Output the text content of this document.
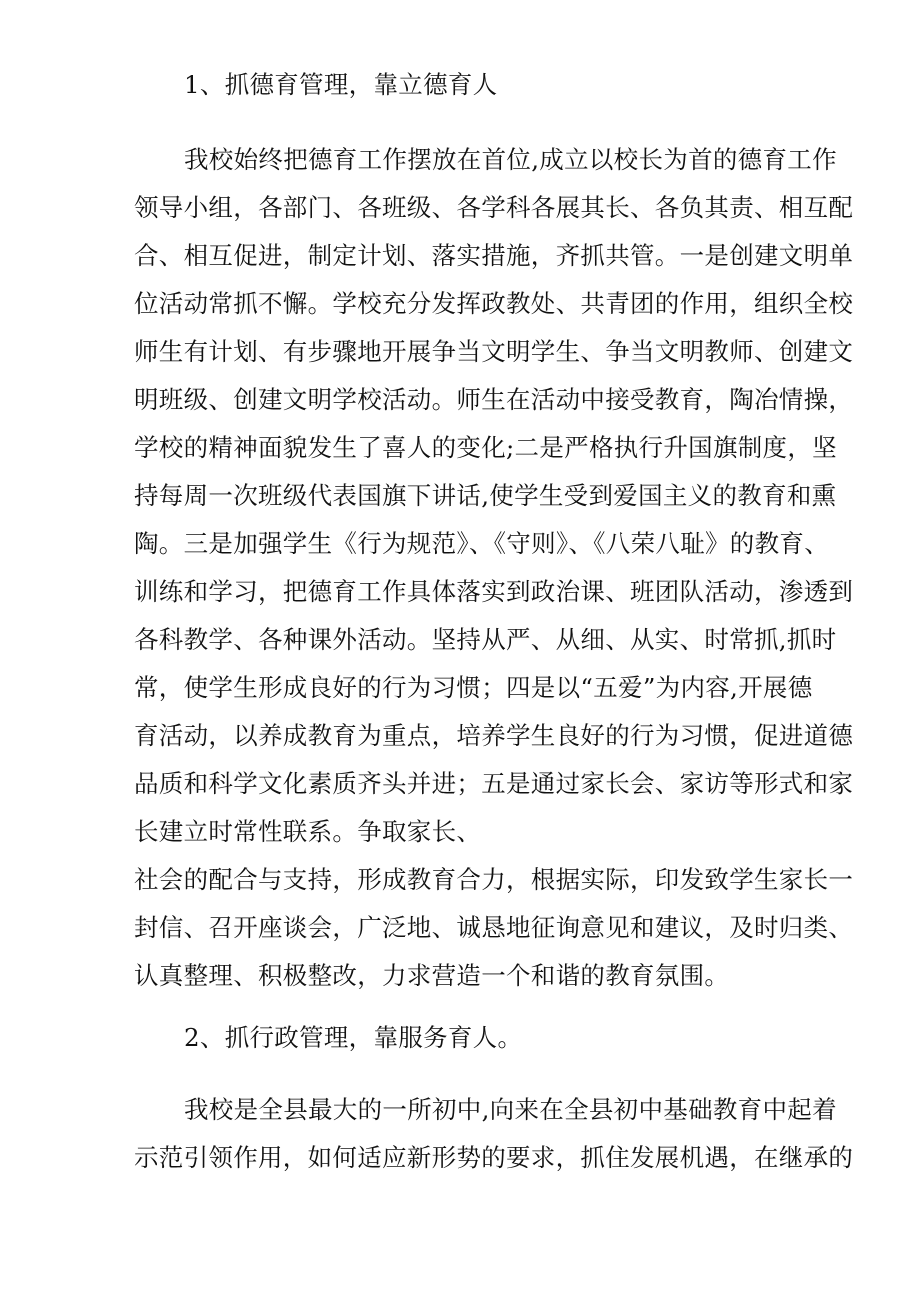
1、抓德育管理，靠立德育人
我校始终把德育工作摆放在首位,成立以校长为首的德育工作
领导小组，各部门、各班级、各学科各展其长、各负其责、相互配
合、相互促进，制定计划、落实措施，齐抓共管。一是创建文明单
位活动常抓不懈。学校充分发挥政教处、共青团的作用，组织全校
师生有计划、有步骤地开展争当文明学生、争当文明教师、创建文
明班级、创建文明学校活动。师生在活动中接受教育，陶冶情操，
学校的精神面貌发生了喜人的变化;二是严格执行升国旗制度，坚
持每周一次班级代表国旗下讲话,使学生受到爱国主义的教育和熏
陶。三是加强学生《行为规范》、《守则》、《八荣八耻》的教育、
训练和学习，把德育工作具体落实到政治课、班团队活动，渗透到
各科教学、各种课外活动。坚持从严、从细、从实、时常抓,抓时
常，使学生形成良好的行为习惯；四是以“五爱”为内容,开展德
育活动，以养成教育为重点，培养学生良好的行为习惯，促进道德
品质和科学文化素质齐头并进；五是通过家长会、家访等形式和家
长建立时常性联系。争取家长、
社会的配合与支持，形成教育合力，根据实际，印发致学生家长一
封信、召开座谈会，广泛地、诚恳地征询意见和建议，及时归类、
认真整理、积极整改，力求营造一个和谐的教育氛围。
2、抓行政管理，靠服务育人。
我校是全县最大的一所初中,向来在全县初中基础教育中起着
示范引领作用，如何适应新形势的要求，抓住发展机遇，在继承的
